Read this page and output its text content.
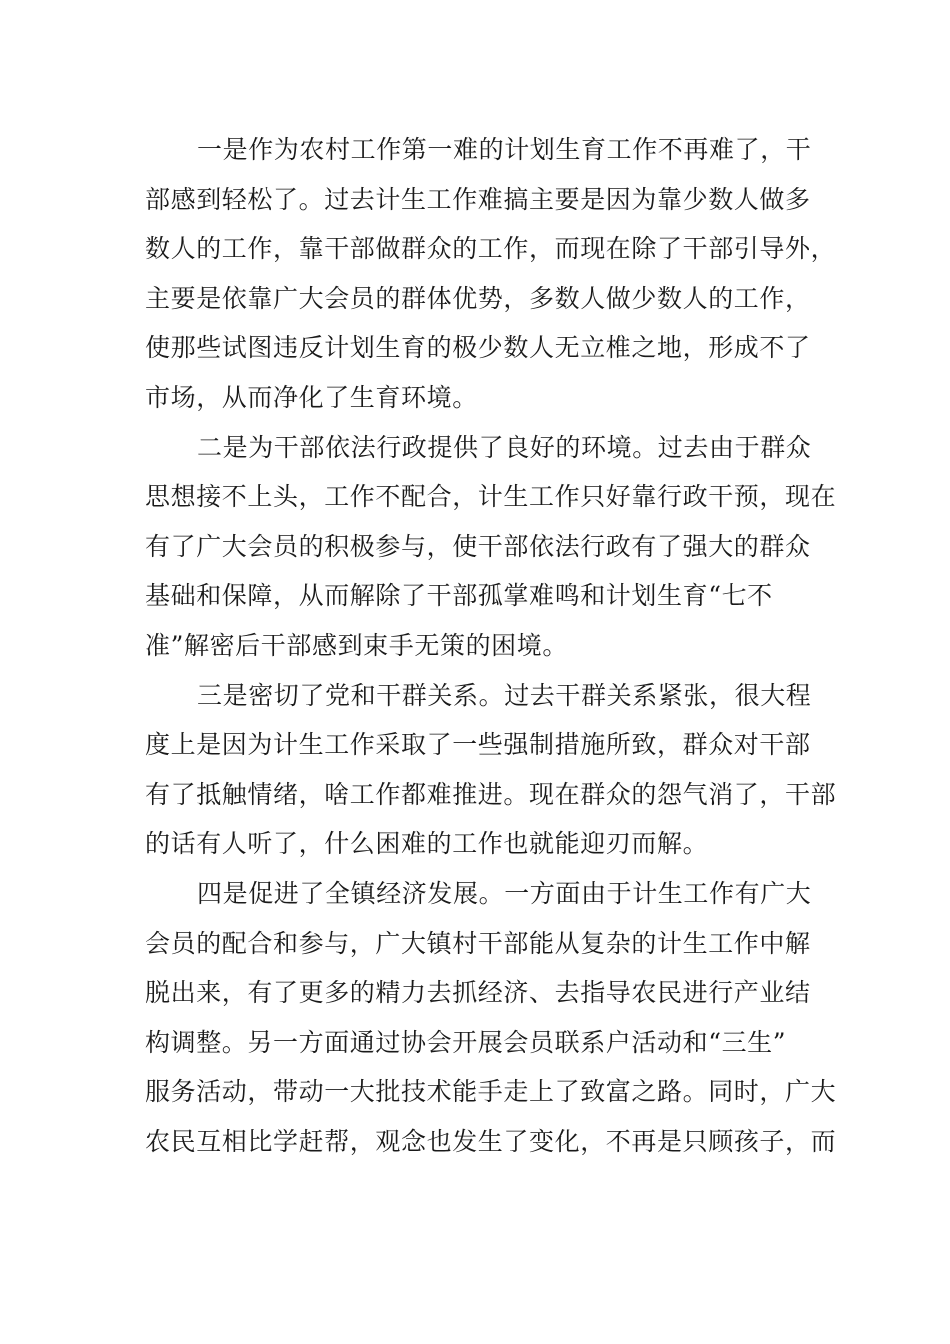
一是作为农村工作第一难的计划生育工作不再难了，干
部感到轻松了。过去计生工作难搞主要是因为靠少数人做多
数人的工作，靠干部做群众的工作，而现在除了干部引导外，
主要是依靠广大会员的群体优势，多数人做少数人的工作，
使那些试图违反计划生育的极少数人无立椎之地，形成不了
市场，从而净化了生育环境。

二是为干部依法行政提供了良好的环境。过去由于群众
思想接不上头，工作不配合，计生工作只好靠行政干预，现在
有了广大会员的积极参与，使干部依法行政有了强大的群众
基础和保障，从而解除了干部孤掌难鸣和计划生育“七不
准”解密后干部感到束手无策的困境。

三是密切了党和干群关系。过去干群关系紧张，很大程
度上是因为计生工作采取了一些强制措施所致，群众对干部
有了抵触情绪，啥工作都难推进。现在群众的怨气消了，干部
的话有人听了，什么困难的工作也就能迎刃而解。

四是促进了全镇经济发展。一方面由于计生工作有广大
会员的配合和参与，广大镇村干部能从复杂的计生工作中解
脱出来，有了更多的精力去抓经济、去指导农民进行产业结
构调整。另一方面通过协会开展会员联系户活动和“三生”
服务活动，带动一大批技术能手走上了致富之路。同时，广大
农民互相比学赶帮，观念也发生了变化，不再是只顾孩子，而
